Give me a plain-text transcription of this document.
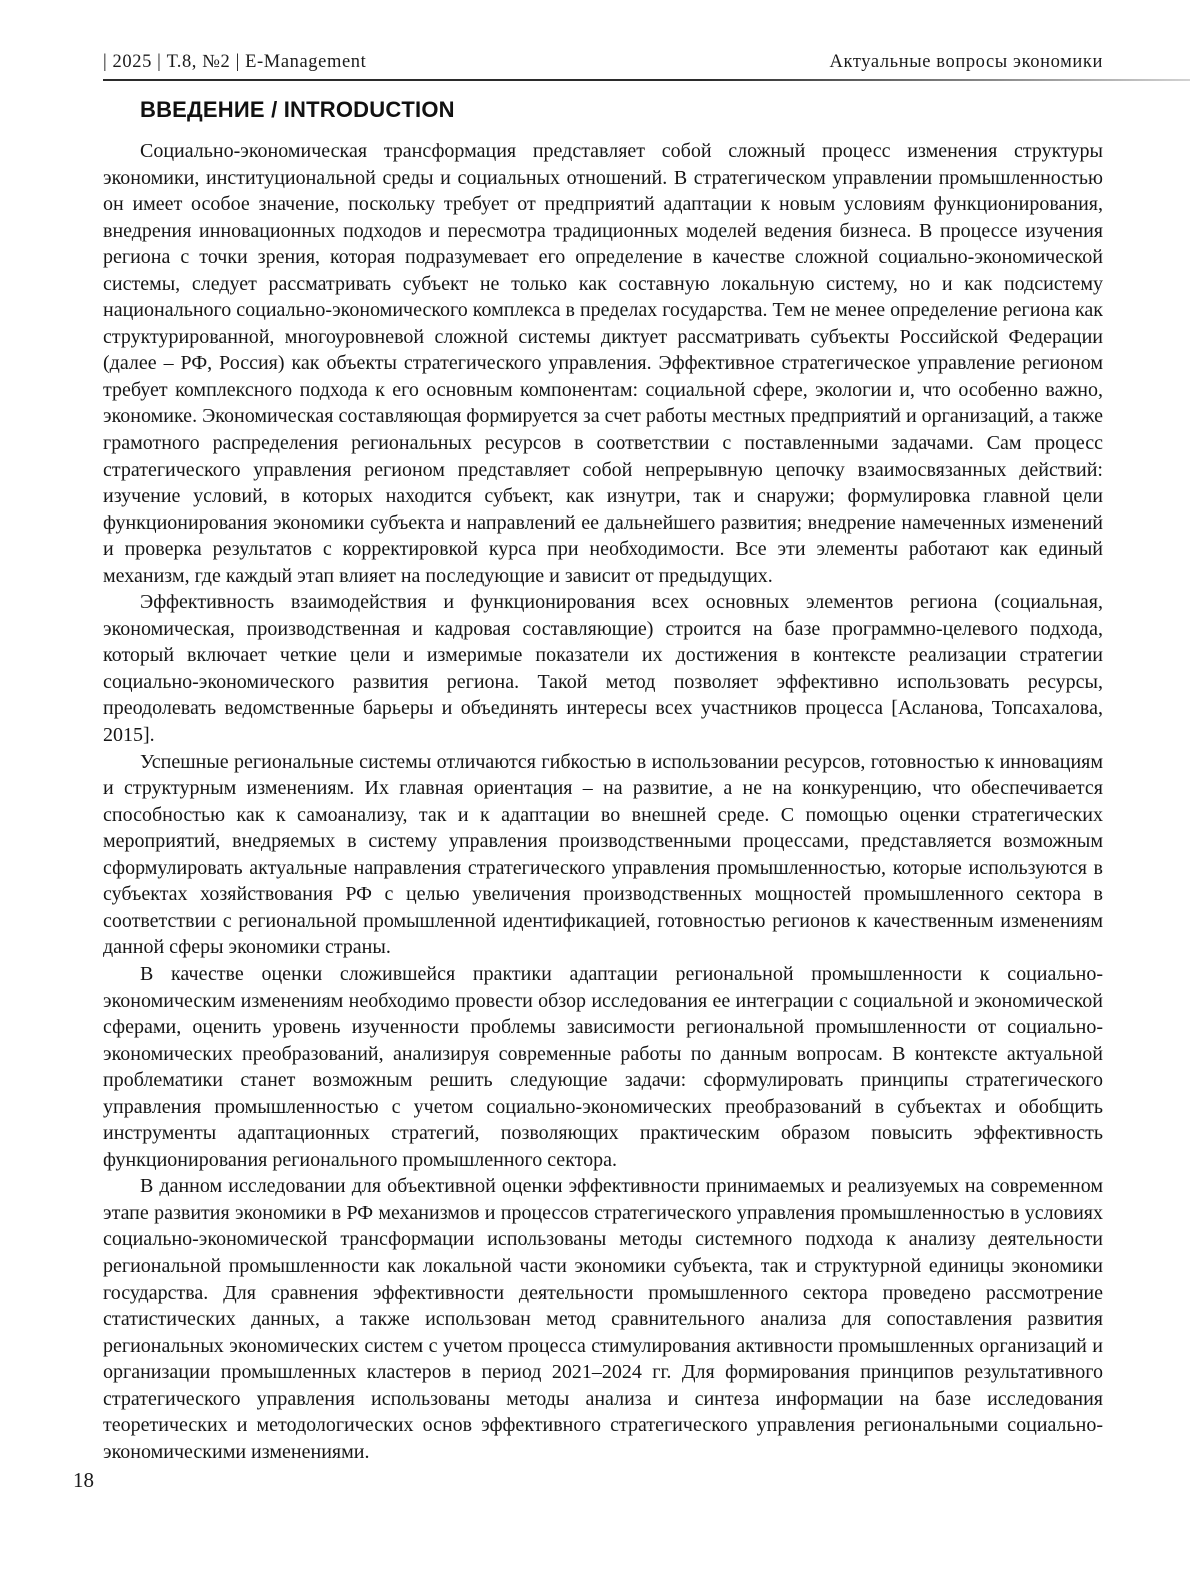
| 2025 | Т.8, №2 | E-Management	Актуальные вопросы экономики
ВВЕДЕНИЕ / INTRODUCTION

Социально-экономическая трансформация представляет собой сложный процесс изменения структуры экономики, институциональной среды и социальных отношений. В стратегическом управлении промышленностью он имеет особое значение, поскольку требует от предприятий адаптации к новым условиям функционирования, внедрения инновационных подходов и пересмотра традиционных моделей ведения бизнеса. В процессе изучения региона с точки зрения, которая подразумевает его определение в качестве сложной социально-экономической системы, следует рассматривать субъект не только как составную локальную систему, но и как подсистему национального социально-экономического комплекса в пределах государства. Тем не менее определение региона как структурированной, многоуровневой сложной системы диктует рассматривать субъекты Российской Федерации (далее – РФ, Россия) как объекты стратегического управления. Эффективное стратегическое управление регионом требует комплексного подхода к его основным компонентам: социальной сфере, экологии и, что особенно важно, экономике. Экономическая составляющая формируется за счет работы местных предприятий и организаций, а также грамотного распределения региональных ресурсов в соответствии с поставленными задачами. Сам процесс стратегического управления регионом представляет собой непрерывную цепочку взаимосвязанных действий: изучение условий, в которых находится субъект, как изнутри, так и снаружи; формулировка главной цели функционирования экономики субъекта и направлений ее дальнейшего развития; внедрение намеченных изменений и проверка результатов с корректировкой курса при необходимости. Все эти элементы работают как единый механизм, где каждый этап влияет на последующие и зависит от предыдущих.

Эффективность взаимодействия и функционирования всех основных элементов региона (социальная, экономическая, производственная и кадровая составляющие) строится на базе программно-целевого подхода, который включает четкие цели и измеримые показатели их достижения в контексте реализации стратегии социально-экономического развития региона. Такой метод позволяет эффективно использовать ресурсы, преодолевать ведомственные барьеры и объединять интересы всех участников процесса [Асланова, Топсахалова, 2015].

Успешные региональные системы отличаются гибкостью в использовании ресурсов, готовностью к инновациям и структурным изменениям. Их главная ориентация – на развитие, а не на конкуренцию, что обеспечивается способностью как к самоанализу, так и к адаптации во внешней среде. С помощью оценки стратегических мероприятий, внедряемых в систему управления производственными процессами, представляется возможным сформулировать актуальные направления стратегического управления промышленностью, которые используются в субъектах хозяйствования РФ с целью увеличения производственных мощностей промышленного сектора в соответствии с региональной промышленной идентификацией, готовностью регионов к качественным изменениям данной сферы экономики страны.

В качестве оценки сложившейся практики адаптации региональной промышленности к социально-экономическим изменениям необходимо провести обзор исследования ее интеграции с социальной и экономической сферами, оценить уровень изученности проблемы зависимости региональной промышленности от социально-экономических преобразований, анализируя современные работы по данным вопросам. В контексте актуальной проблематики станет возможным решить следующие задачи: сформулировать принципы стратегического управления промышленностью с учетом социально-экономических преобразований в субъектах и обобщить инструменты адаптационных стратегий, позволяющих практическим образом повысить эффективность функционирования регионального промышленного сектора.

В данном исследовании для объективной оценки эффективности принимаемых и реализуемых на современном этапе развития экономики в РФ механизмов и процессов стратегического управления промышленностью в условиях социально-экономической трансформации использованы методы системного подхода к анализу деятельности региональной промышленности как локальной части экономики субъекта, так и структурной единицы экономики государства. Для сравнения эффективности деятельности промышленного сектора проведено рассмотрение статистических данных, а также использован метод сравнительного анализа для сопоставления развития региональных экономических систем с учетом процесса стимулирования активности промышленных организаций и организации промышленных кластеров в период 2021–2024 гг. Для формирования принципов результативного стратегического управления использованы методы анализа и синтеза информации на базе исследования теоретических и методологических основ эффективного стратегического управления региональными социально-экономическими изменениями.

18
